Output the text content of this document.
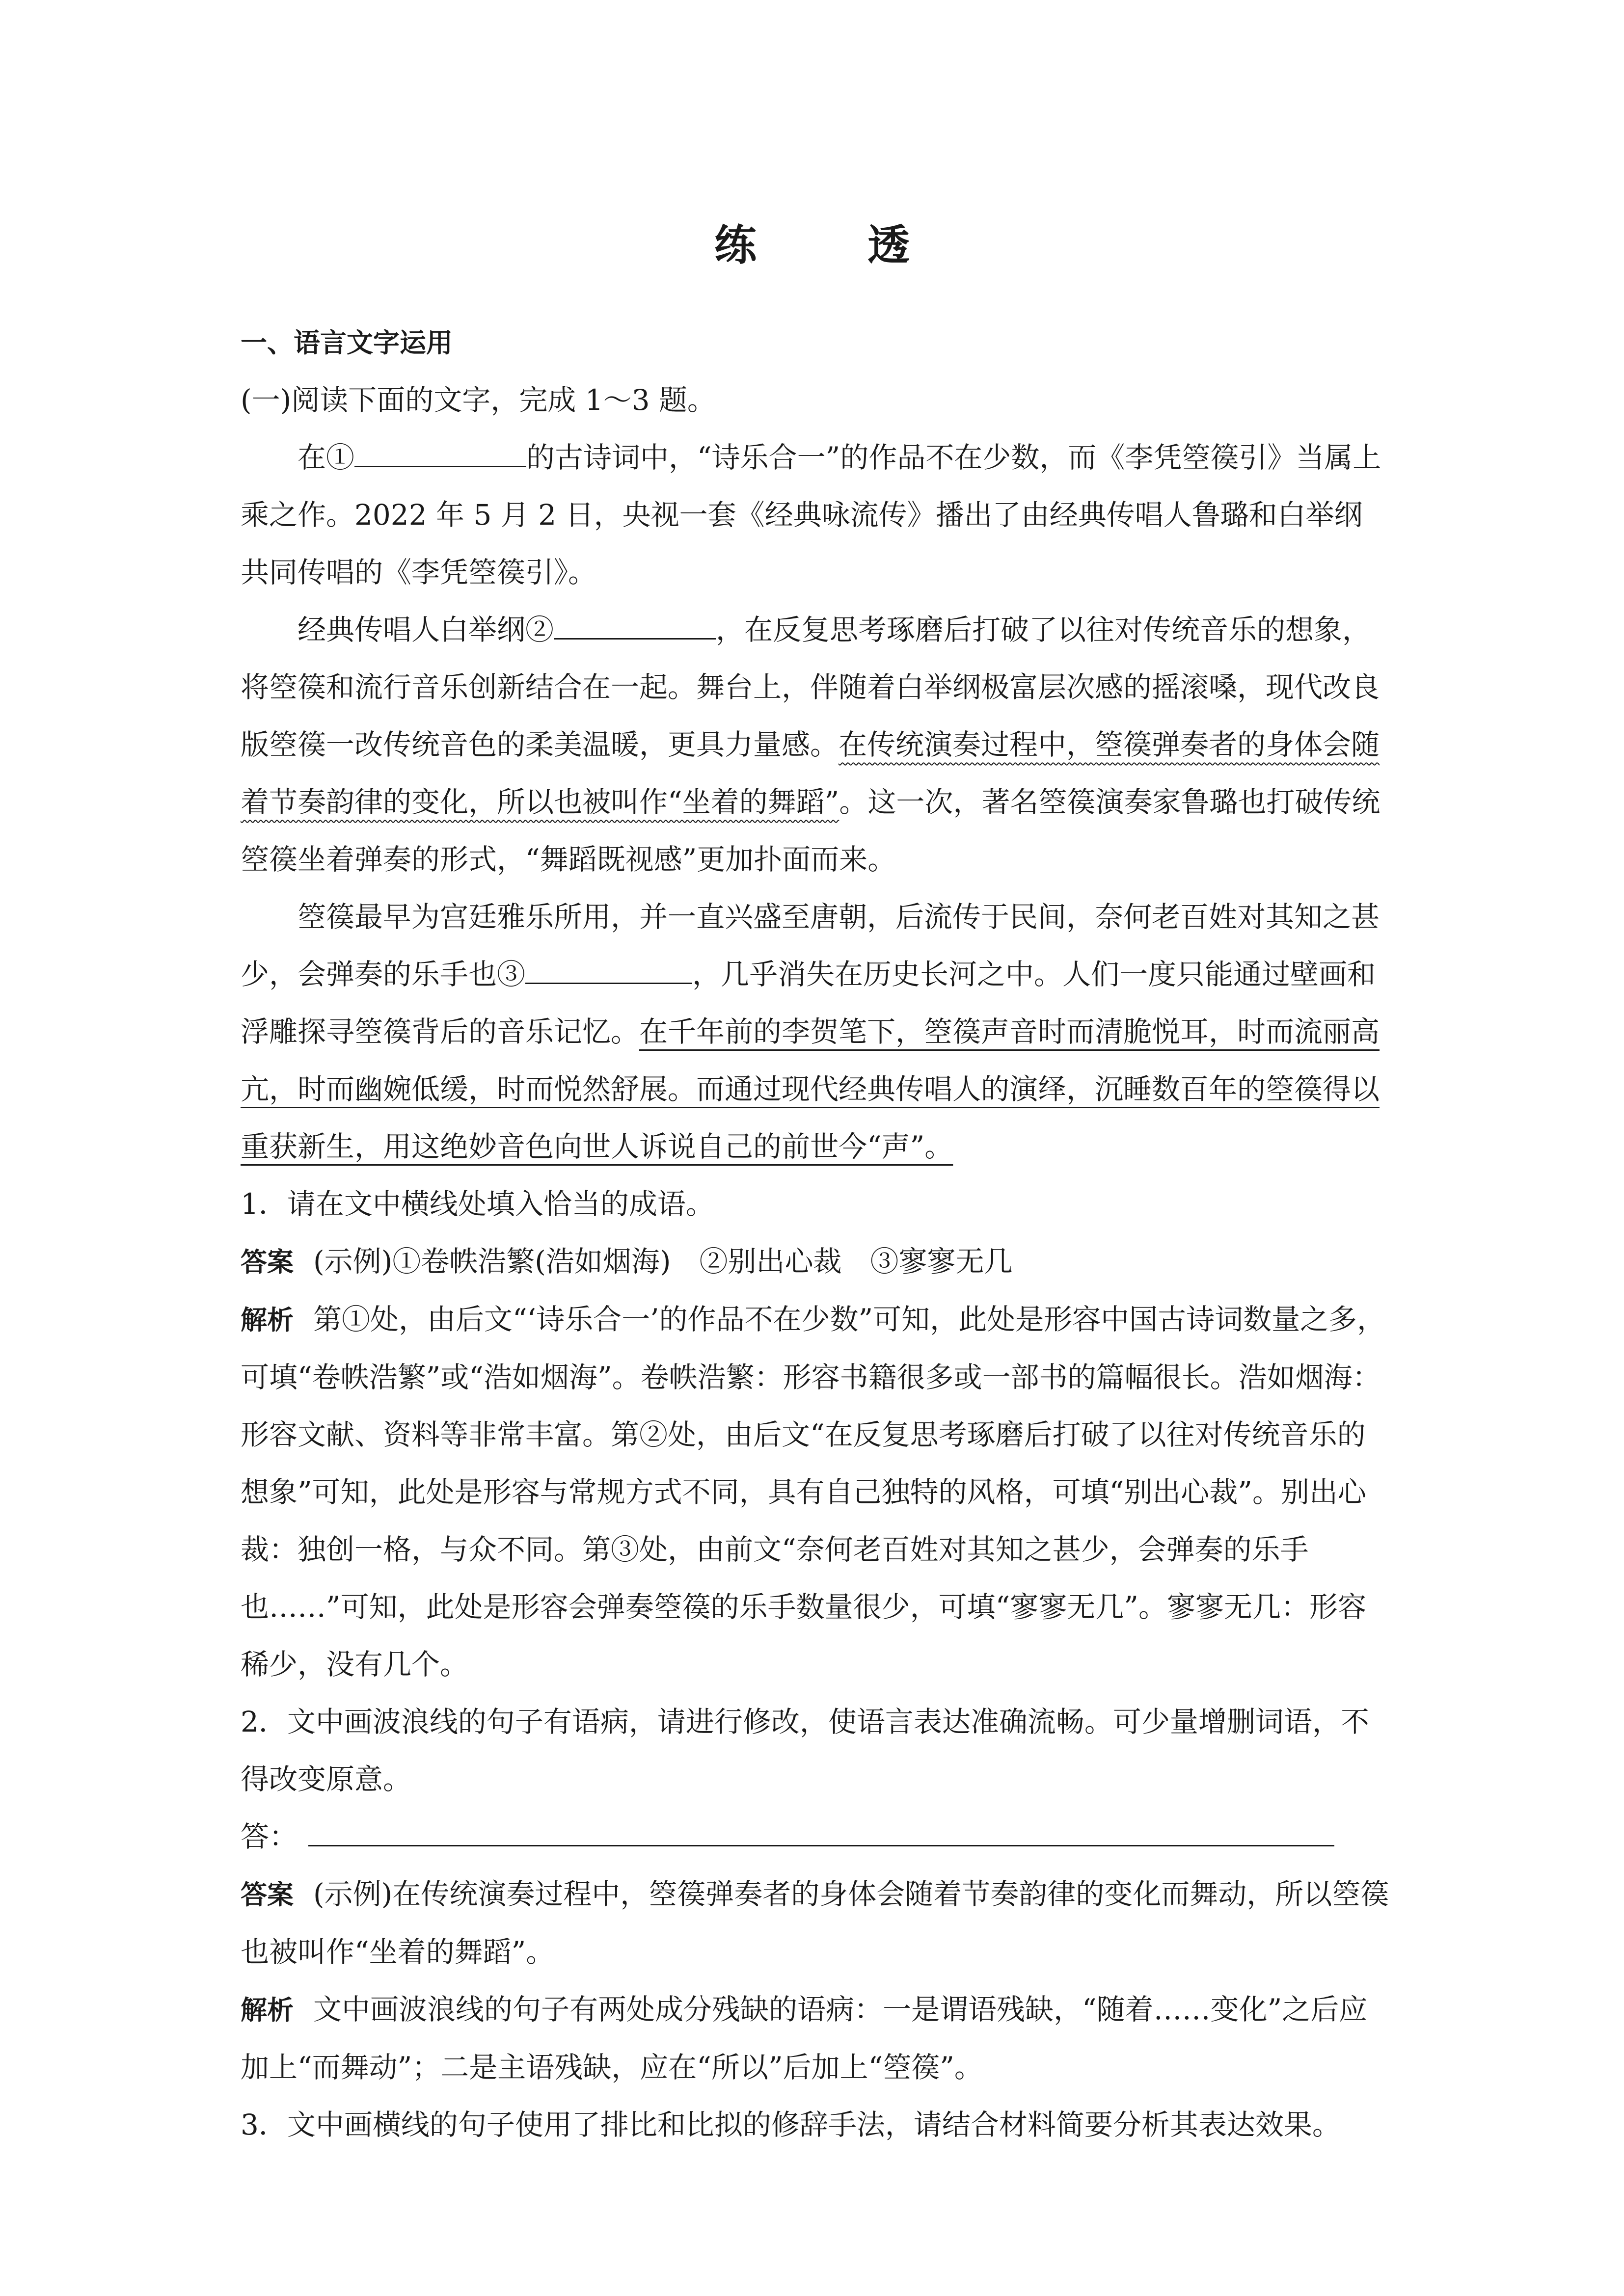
练　透

一、语言文字运用

(一)阅读下面的文字，完成 1～3 题。

在①	的古诗词中，“诗乐合一”的作品不在少数，而《李凭箜篌引》当属上乘之作。2022 年 5 月 2 日，央视一套《经典咏流传》播出了由经典传唱人鲁璐和白举纲共同传唱的《李凭箜篌引》。

经典传唱人白举纲②	，在反复思考琢磨后打破了以往对传统音乐的想象，将箜篌和流行音乐创新结合在一起。舞台上，伴随着白举纲极富层次感的摇滚嗓，现代改良版箜篌一改传统音色的柔美温暖，更具力量感。在传统演奏过程中，箜篌弹奏者的身体会随着节奏韵律的变化，所以也被叫作“坐着的舞蹈”。这一次，著名箜篌演奏家鲁璐也打破传统箜篌坐着弹奏的形式，“舞蹈既视感”更加扑面而来。

箜篌最早为宫廷雅乐所用，并一直兴盛至唐朝，后流传于民间，奈何老百姓对其知之甚少，会弹奏的乐手也③	，几乎消失在历史长河之中。人们一度只能通过壁画和浮雕探寻箜篌背后的音乐记忆。在千年前的李贺笔下，箜篌声音时而清脆悦耳，时而流丽高亢，时而幽婉低缓，时而悦然舒展。而通过现代经典传唱人的演绎，沉睡数百年的箜篌得以重获新生，用这绝妙音色向世人诉说自己的前世今“声”。

1．请在文中横线处填入恰当的成语。

答案 (示例)①卷帙浩繁(浩如烟海)　②别出心裁　③寥寥无几

解析 第①处，由后文“‘诗乐合一’的作品不在少数”可知，此处是形容中国古诗词数量之多，可填“卷帙浩繁”或“浩如烟海”。卷帙浩繁：形容书籍很多或一部书的篇幅很长。浩如烟海：形容文献、资料等非常丰富。第②处，由后文“在反复思考琢磨后打破了以往对传统音乐的想象”可知，此处是形容与常规方式不同，具有自己独特的风格，可填“别出心裁”。别出心裁：独创一格，与众不同。第③处，由前文“奈何老百姓对其知之甚少，会弹奏的乐手也……”可知，此处是形容会弹奏箜篌的乐手数量很少，可填“寥寥无几”。寥寥无几：形容稀少，没有几个。

2．文中画波浪线的句子有语病，请进行修改，使语言表达准确流畅。可少量增删词语，不得改变原意。

答：

答案 (示例)在传统演奏过程中，箜篌弹奏者的身体会随着节奏韵律的变化而舞动，所以箜篌也被叫作“坐着的舞蹈”。

解析 文中画波浪线的句子有两处成分残缺的语病：一是谓语残缺，“随着……变化”之后应加上“而舞动”；二是主语残缺，应在“所以”后加上“箜篌”。

3．文中画横线的句子使用了排比和比拟的修辞手法，请结合材料简要分析其表达效果。
